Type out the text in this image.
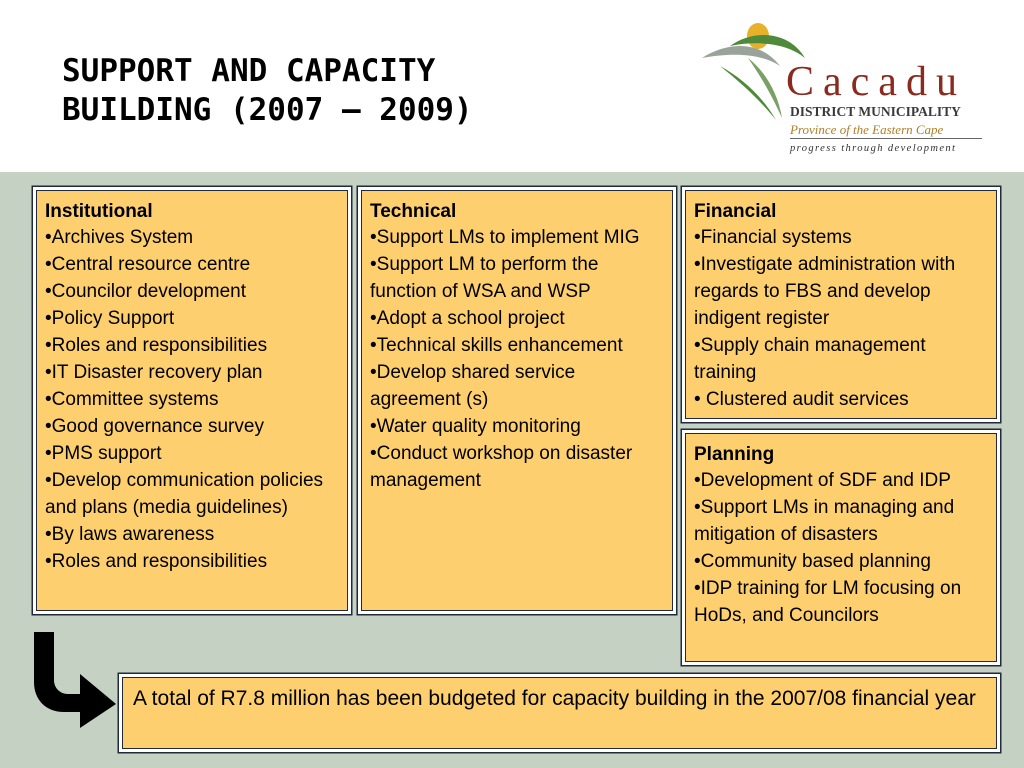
SUPPORT AND CAPACITY
BUILDING (2007 – 2009)
Cacadu
DISTRICT MUNICIPALITY
Province of the Eastern Cape
progress through development
Institutional
•Archives System
•Central resource centre
•Councilor development
•Policy Support
•Roles and responsibilities
•IT Disaster recovery plan
•Committee systems
•Good governance survey
•PMS support
•Develop communication policies and plans (media guidelines)
•By laws awareness
•Roles and responsibilities
Technical
•Support LMs to implement MIG
•Support LM to perform the function of WSA and WSP
•Adopt a school project
•Technical skills enhancement
•Develop shared service agreement (s)
•Water quality monitoring
•Conduct workshop on disaster management
Financial
•Financial systems
•Investigate administration with regards to FBS and develop indigent register
•Supply chain management training
• Clustered audit services
Planning
•Development of SDF and IDP
•Support LMs in managing and mitigation of disasters
•Community based planning
•IDP training for LM focusing on HoDs, and Councilors

A total of R7.8 million has been budgeted for capacity building in the 2007/08 financial year
